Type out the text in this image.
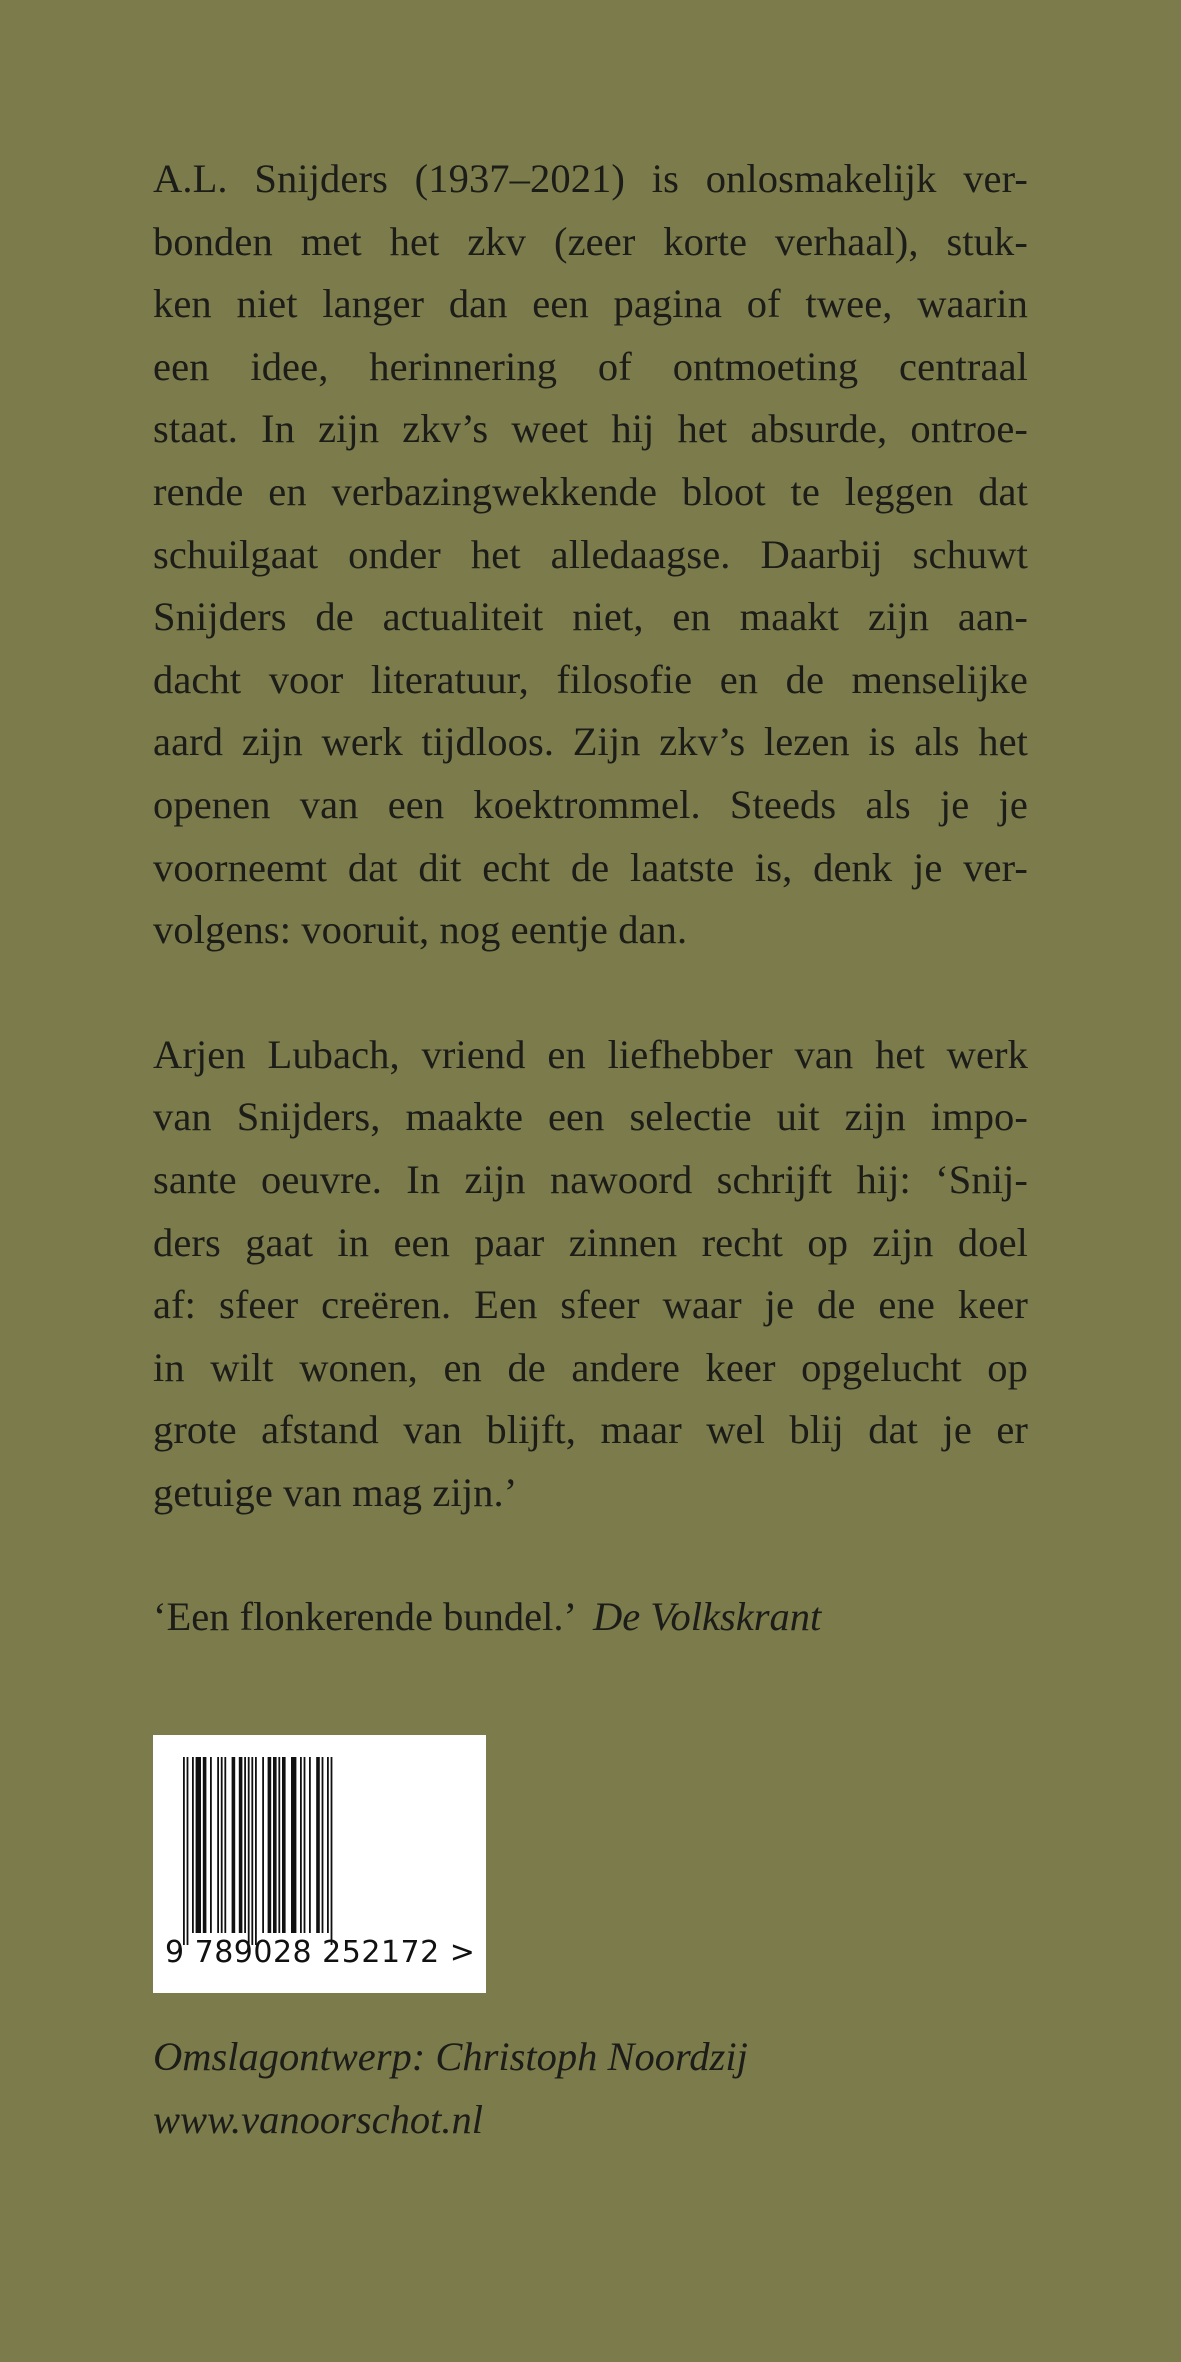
A.L. Snijders (1937–2021) is onlosmakelijk ver-
bonden met het zkv (zeer korte verhaal), stuk-
ken niet langer dan een pagina of twee, waarin
een idee, herinnering of ontmoeting centraal
staat. In zijn zkv’s weet hij het absurde, ontroe-
rende en verbazingwekkende bloot te leggen dat
schuilgaat onder het alledaagse. Daarbij schuwt
Snijders de actualiteit niet, en maakt zijn aan-
dacht voor literatuur, filosofie en de menselijke
aard zijn werk tijdloos. Zijn zkv’s lezen is als het
openen van een koektrommel. Steeds als je je
voorneemt dat dit echt de laatste is, denk je ver-
volgens: vooruit, nog eentje dan.
Arjen Lubach, vriend en liefhebber van het werk
van Snijders, maakte een selectie uit zijn impo-
sante oeuvre. In zijn nawoord schrijft hij: ‘Snij-
ders gaat in een paar zinnen recht op zijn doel
af: sfeer creëren. Een sfeer waar je de ene keer
in wilt wonen, en de andere keer opgelucht op
grote afstand van blijft, maar wel blij dat je er
getuige van mag zijn.’
‘Een flonkerende bundel.’ De Volkskrant
9 789028 252172 >
Omslagontwerp: Christoph Noordzij
www.vanoorschot.nl
